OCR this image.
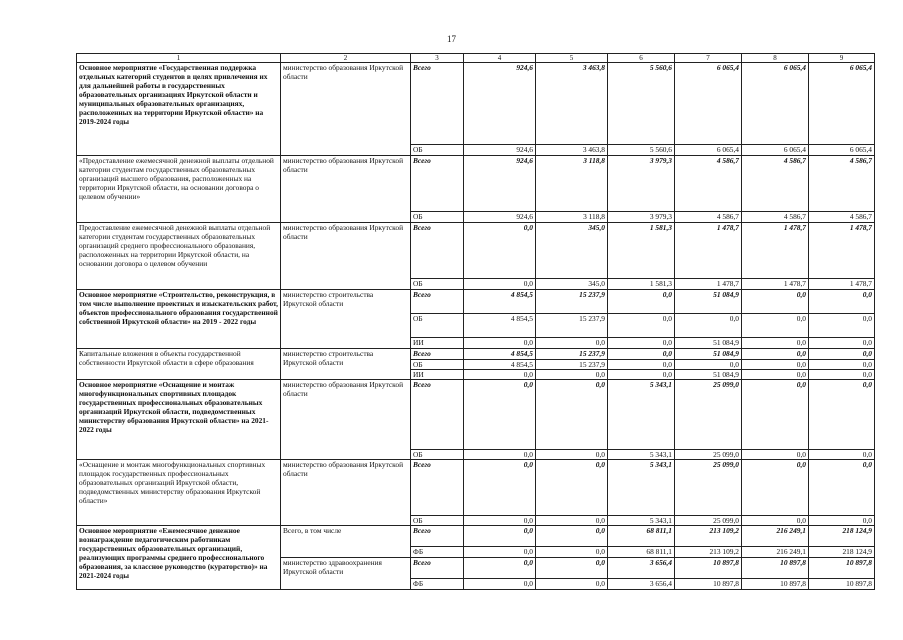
17
1	2	3	4	5	6	7	8	9
Основное мероприятие «Государственная поддержка отдельных категорий студентов в целях привлечения их для дальнейшей работы в государственных образовательных организациях Иркутской области и муниципальных образовательных организациях, расположенных на территории Иркутской области» на 2019-2024 годы	министерство образования Иркутской области	Всего	924,6	3 463,8	5 560,6	6 065,4	6 065,4	6 065,4
		ОБ	924,6	3 463,8	5 560,6	6 065,4	6 065,4	6 065,4
«Предоставление ежемесячной денежной выплаты отдельной категории студентам государственных образовательных организаций высшего образования, расположенных на территории Иркутской области, на основании договора о целевом обучении»	министерство образования Иркутской области	Всего	924,6	3 118,8	3 979,3	4 586,7	4 586,7	4 586,7
		ОБ	924,6	3 118,8	3 979,3	4 586,7	4 586,7	4 586,7
Предоставление ежемесячной денежной выплаты отдельной категории студентам государственных образовательных организаций среднего профессионального образования, расположенных на территории Иркутской области, на основании договора о целевом обучении	министерство образования Иркутской области	Всего	0,0	345,0	1 581,3	1 478,7	1 478,7	1 478,7
		ОБ	0,0	345,0	1 581,3	1 478,7	1 478,7	1 478,7
Основное мероприятие «Строительство, реконструкция, в том числе выполнение проектных и изыскательских работ, объектов профессионального образования государственной собственной Иркутской области» на 2019 - 2022 годы	министерство строительства Иркутской области	Всего	4 854,5	15 237,9	0,0	51 084,9	0,0	0,0
		ОБ	4 854,5	15 237,9	0,0	0,0	0,0	0,0
		ИИ	0,0	0,0	0,0	51 084,9	0,0	0,0
Капитальные вложения в объекты государственной собственности Иркутской области в сфере образования	министерство строительства Иркутской области	Всего	4 854,5	15 237,9	0,0	51 084,9	0,0	0,0
		ОБ	4 854,5	15 237,9	0,0	0,0	0,0	0,0
		ИИ	0,0	0,0	0,0	51 084,9	0,0	0,0
Основное мероприятие «Оснащение и монтаж многофункциональных спортивных площадок государственных профессиональных образовательных организаций Иркутской области, подведомственных министерству образования Иркутской области» на 2021-2022 годы	министерство образования Иркутской области	Всего	0,0	0,0	5 343,1	25 099,0	0,0	0,0
		ОБ	0,0	0,0	5 343,1	25 099,0	0,0	0,0
«Оснащение и монтаж многофункциональных спортивных площадок государственных профессиональных образовательных организаций Иркутской области, подведомственных министерству образования Иркутской области»	министерство образования Иркутской области	Всего	0,0	0,0	5 343,1	25 099,0	0,0	0,0
		ОБ	0,0	0,0	5 343,1	25 099,0	0,0	0,0
Основное мероприятие «Ежемесячное денежное вознаграждение педагогическим работникам государственных образовательных организаций, реализующих программы среднего профессионального образования, за классное руководство (кураторство)» на 2021-2024 годы	Всего, в том числе	Всего	0,0	0,0	68 811,1	213 109,2	216 249,1	218 124,9
		ФБ	0,0	0,0	68 811,1	213 109,2	216 249,1	218 124,9
	министерство здравоохранения Иркутской области	Всего	0,0	0,0	3 656,4	10 897,8	10 897,8	10 897,8
		ФБ	0,0	0,0	3 656,4	10 897,8	10 897,8	10 897,8
